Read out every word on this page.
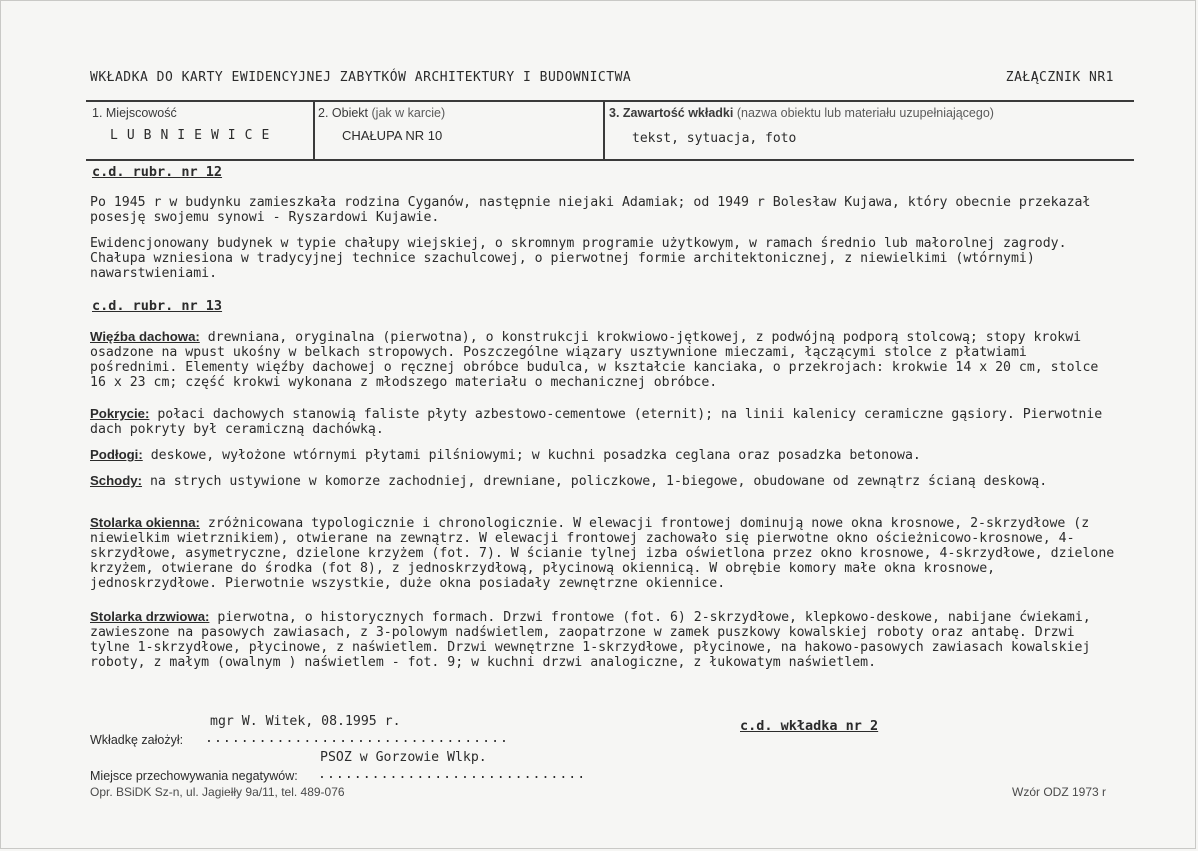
WKŁADKA DO KARTY EWIDENCYJNEJ ZABYTKÓW ARCHITEKTURY I BUDOWNICTWA	ZAŁĄCZNIK NR1
1. Miejscowość
LUBNIEWICE
2. Obiekt (jak w karcie)
CHAŁUPA NR 10
3. Zawartość wkładki (nazwa obiektu lub materiału uzupełniającego)
tekst, sytuacja, foto
c.d. rubr. nr 12

Po 1945 r w budynku zamieszkała rodzina Cyganów, następnie niejaki Adamiak; od 1949 r Bolesław Kujawa, który obecnie przekazał posesję swojemu synowi - Ryszardowi Kujawie.

Ewidencjonowany budynek w typie chałupy wiejskiej, o skromnym programie użytkowym, w ramach średnio lub małorolnej zagrody. Chałupa wzniesiona w tradycyjnej technice szachulcowej, o pierwotnej formie architektonicznej, z niewielkimi (wtórnymi) nawarstwieniami.

c.d. rubr. nr 13

Więźba dachowa: drewniana, oryginalna (pierwotna), o konstrukcji krokwiowo-jętkowej, z podwójną podporą stolcową; stopy krokwi osadzone na wpust ukośny w belkach stropowych. Poszczególne wiązary usztywnione mieczami, łączącymi stolce z płatwiami pośrednimi. Elementy więźby dachowej o ręcznej obróbce budulca, w kształcie kanciaka, o przekrojach: krokwie 14 x 20 cm, stolce 16 x 23 cm; część krokwi wykonana z młodszego materiału o mechanicznej obróbce.

Pokrycie: połaci dachowych stanowią faliste płyty azbestowo-cementowe (eternit); na linii kalenicy ceramiczne gąsiory. Pierwotnie dach pokryty był ceramiczną dachówką.

Podłogi: deskowe, wyłożone wtórnymi płytami pilśniowymi; w kuchni posadzka ceglana oraz posadzka betonowa.

Schody: na strych ustywione w komorze zachodniej, drewniane, policzkowe, 1-biegowe, obudowane od zewnątrz ścianą deskową.

Stolarka okienna: zróżnicowana typologicznie i chronologicznie. W elewacji frontowej dominują nowe okna krosnowe, 2-skrzydłowe (z niewielkim wietrznikiem), otwierane na zewnątrz. W elewacji frontowej zachowało się pierwotne okno ościeżnicowo-krosnowe, 4-skrzydłowe, asymetryczne, dzielone krzyżem (fot. 7). W ścianie tylnej izba oświetlona przez okno krosnowe, 4-skrzydłowe, dzielone krzyżem, otwierane do środka (fot 8), z jednoskrzydłową, płycinową okiennicą. W obrębie komory małe okna krosnowe, jednoskrzydłowe. Pierwotnie wszystkie, duże okna posiadały zewnętrzne okiennice.

Stolarka drzwiowa: pierwotna, o historycznych formach. Drzwi frontowe (fot. 6) 2-skrzydłowe, klepkowo-deskowe, nabijane ćwiekami, zawieszone na pasowych zawiasach, z 3-polowym nadświetlem, zaopatrzone w zamek puszkowy kowalskiej roboty oraz antabę. Drzwi tylne 1-skrzydłowe, płycinowe, z naświetlem. Drzwi wewnętrzne 1-skrzydłowe, płycinowe, na hakowo-pasowych zawiasach kowalskiej roboty, z małym (owalnym ) naświetlem - fot. 9; w kuchni drzwi analogiczne, z łukowatym naświetlem.

mgr W. Witek, 08.1995 r.
Wkładkę założył: ..................................
c.d. wkładka nr 2
PSOZ w Gorzowie Wlkp.
Miejsce przechowywania negatywów: ..............................
Opr. BSiDK Sz-n, ul. Jagiełły 9a/11, tel. 489-076	Wzór ODZ 1973 r
